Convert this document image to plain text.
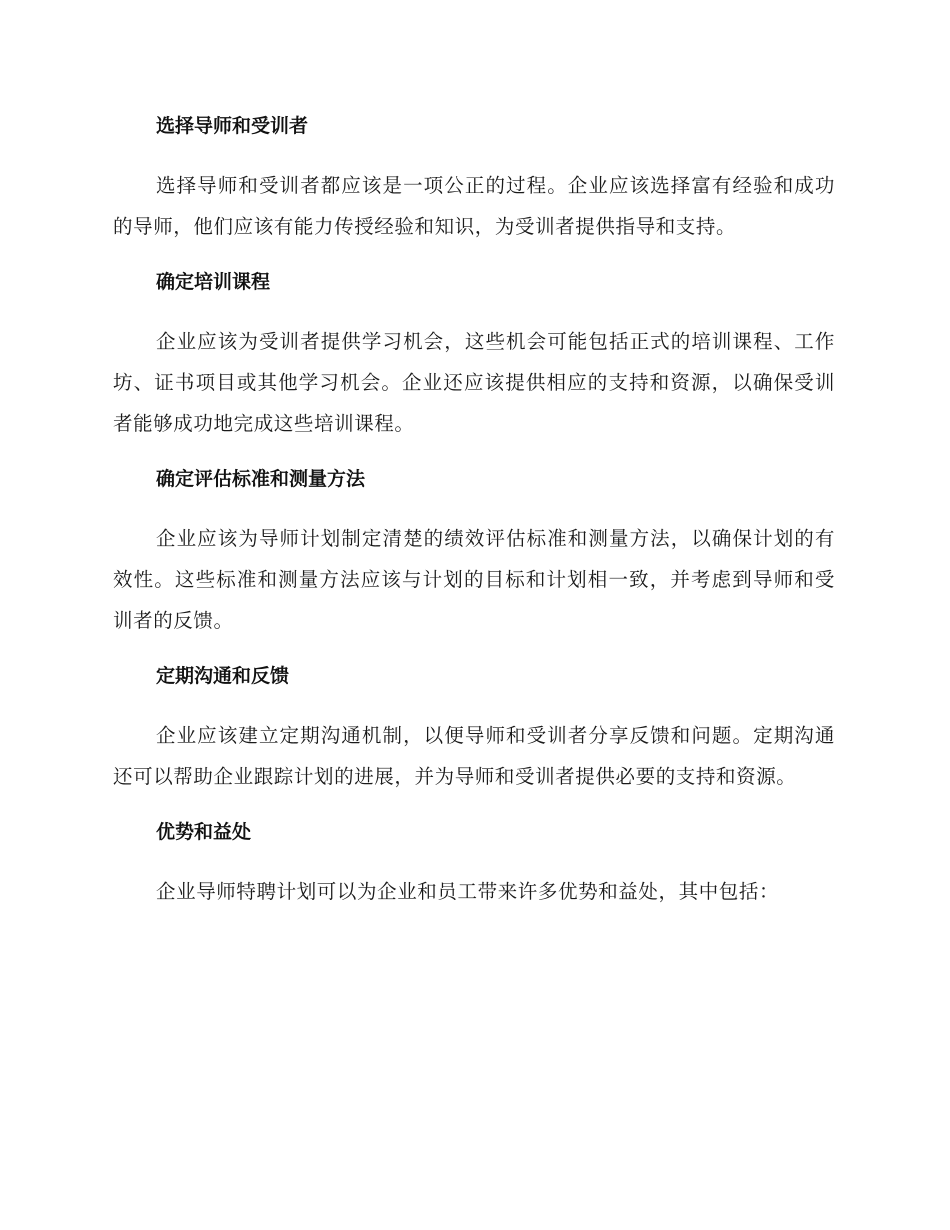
选择导师和受训者

选择导师和受训者都应该是一项公正的过程。企业应该选择富有经验和成功的导师，他们应该有能力传授经验和知识，为受训者提供指导和支持。

确定培训课程

企业应该为受训者提供学习机会，这些机会可能包括正式的培训课程、工作坊、证书项目或其他学习机会。企业还应该提供相应的支持和资源，以确保受训者能够成功地完成这些培训课程。

确定评估标准和测量方法

企业应该为导师计划制定清楚的绩效评估标准和测量方法，以确保计划的有效性。这些标准和测量方法应该与计划的目标和计划相一致，并考虑到导师和受训者的反馈。

定期沟通和反馈

企业应该建立定期沟通机制，以便导师和受训者分享反馈和问题。定期沟通还可以帮助企业跟踪计划的进展，并为导师和受训者提供必要的支持和资源。

优势和益处

企业导师特聘计划可以为企业和员工带来许多优势和益处，其中包括：
